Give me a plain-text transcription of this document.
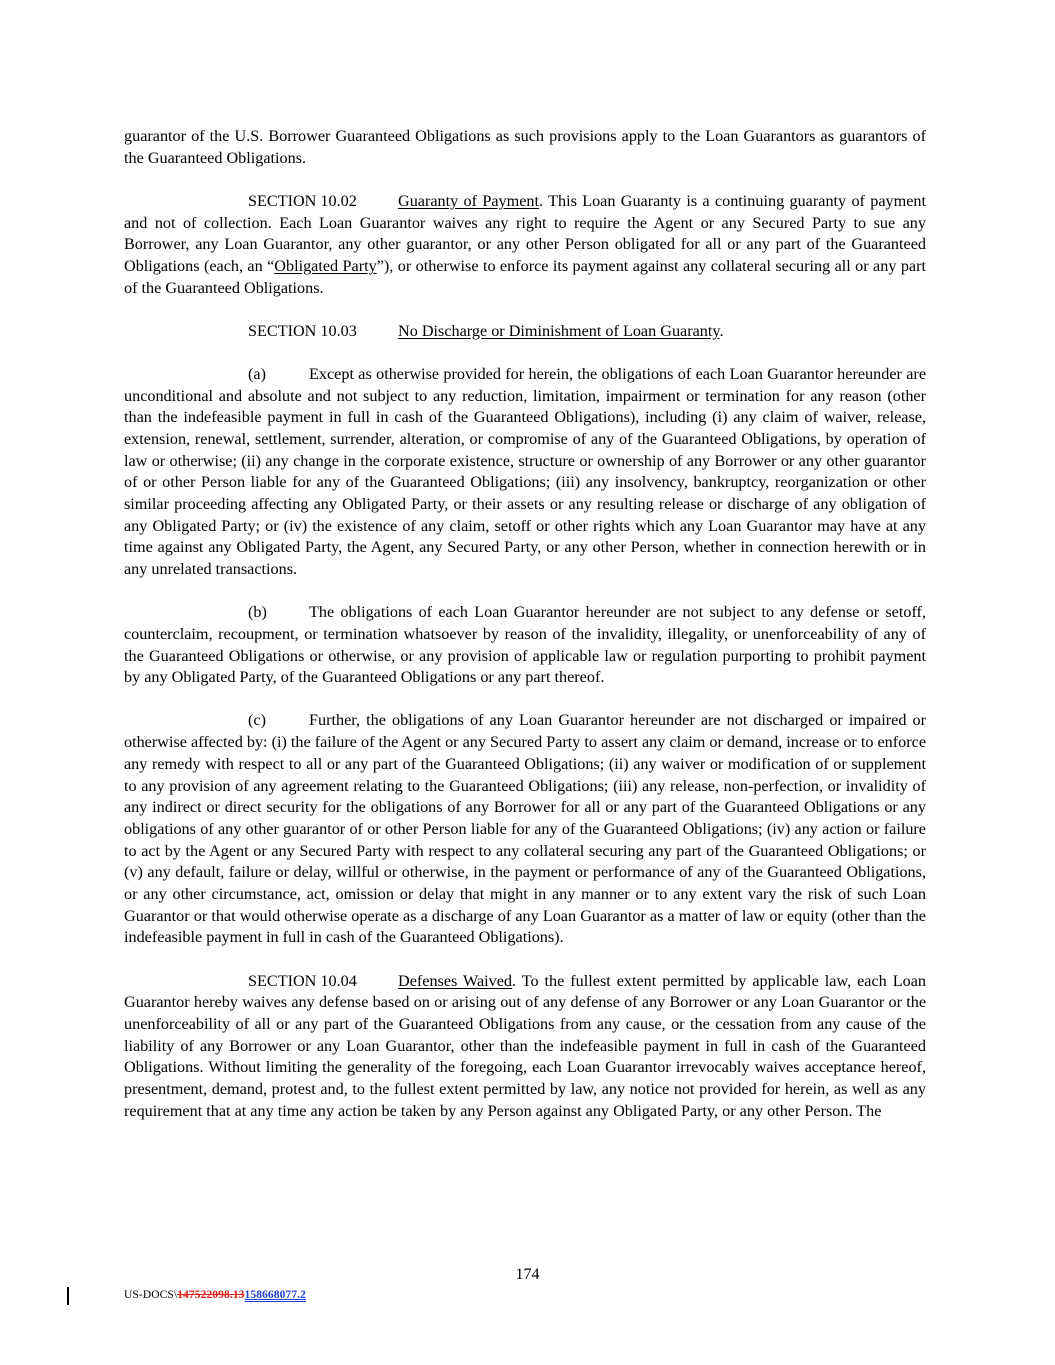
guarantor of the U.S. Borrower Guaranteed Obligations as such provisions apply to the Loan Guarantors as guarantors of the Guaranteed Obligations.

SECTION 10.02	Guaranty of Payment. This Loan Guaranty is a continuing guaranty of payment and not of collection. Each Loan Guarantor waives any right to require the Agent or any Secured Party to sue any Borrower, any Loan Guarantor, any other guarantor, or any other Person obligated for all or any part of the Guaranteed Obligations (each, an “Obligated Party”), or otherwise to enforce its payment against any collateral securing all or any part of the Guaranteed Obligations.

SECTION 10.03	No Discharge or Diminishment of Loan Guaranty.

(a)	Except as otherwise provided for herein, the obligations of each Loan Guarantor hereunder are unconditional and absolute and not subject to any reduction, limitation, impairment or termination for any reason (other than the indefeasible payment in full in cash of the Guaranteed Obligations), including (i) any claim of waiver, release, extension, renewal, settlement, surrender, alteration, or compromise of any of the Guaranteed Obligations, by operation of law or otherwise; (ii) any change in the corporate existence, structure or ownership of any Borrower or any other guarantor of or other Person liable for any of the Guaranteed Obligations; (iii) any insolvency, bankruptcy, reorganization or other similar proceeding affecting any Obligated Party, or their assets or any resulting release or discharge of any obligation of any Obligated Party; or (iv) the existence of any claim, setoff or other rights which any Loan Guarantor may have at any time against any Obligated Party, the Agent, any Secured Party, or any other Person, whether in connection herewith or in any unrelated transactions.

(b)	The obligations of each Loan Guarantor hereunder are not subject to any defense or setoff, counterclaim, recoupment, or termination whatsoever by reason of the invalidity, illegality, or unenforceability of any of the Guaranteed Obligations or otherwise, or any provision of applicable law or regulation purporting to prohibit payment by any Obligated Party, of the Guaranteed Obligations or any part thereof.

(c)	Further, the obligations of any Loan Guarantor hereunder are not discharged or impaired or otherwise affected by: (i) the failure of the Agent or any Secured Party to assert any claim or demand, increase or to enforce any remedy with respect to all or any part of the Guaranteed Obligations; (ii) any waiver or modification of or supplement to any provision of any agreement relating to the Guaranteed Obligations; (iii) any release, non-perfection, or invalidity of any indirect or direct security for the obligations of any Borrower for all or any part of the Guaranteed Obligations or any obligations of any other guarantor of or other Person liable for any of the Guaranteed Obligations; (iv) any action or failure to act by the Agent or any Secured Party with respect to any collateral securing any part of the Guaranteed Obligations; or (v) any default, failure or delay, willful or otherwise, in the payment or performance of any of the Guaranteed Obligations, or any other circumstance, act, omission or delay that might in any manner or to any extent vary the risk of such Loan Guarantor or that would otherwise operate as a discharge of any Loan Guarantor as a matter of law or equity (other than the indefeasible payment in full in cash of the Guaranteed Obligations).

SECTION 10.04	Defenses Waived. To the fullest extent permitted by applicable law, each Loan Guarantor hereby waives any defense based on or arising out of any defense of any Borrower or any Loan Guarantor or the unenforceability of all or any part of the Guaranteed Obligations from any cause, or the cessation from any cause of the liability of any Borrower or any Loan Guarantor, other than the indefeasible payment in full in cash of the Guaranteed Obligations. Without limiting the generality of the foregoing, each Loan Guarantor irrevocably waives acceptance hereof, presentment, demand, protest and, to the fullest extent permitted by law, any notice not provided for herein, as well as any requirement that at any time any action be taken by any Person against any Obligated Party, or any other Person. The

174
US-DOCS\147522098.13158668077.2
